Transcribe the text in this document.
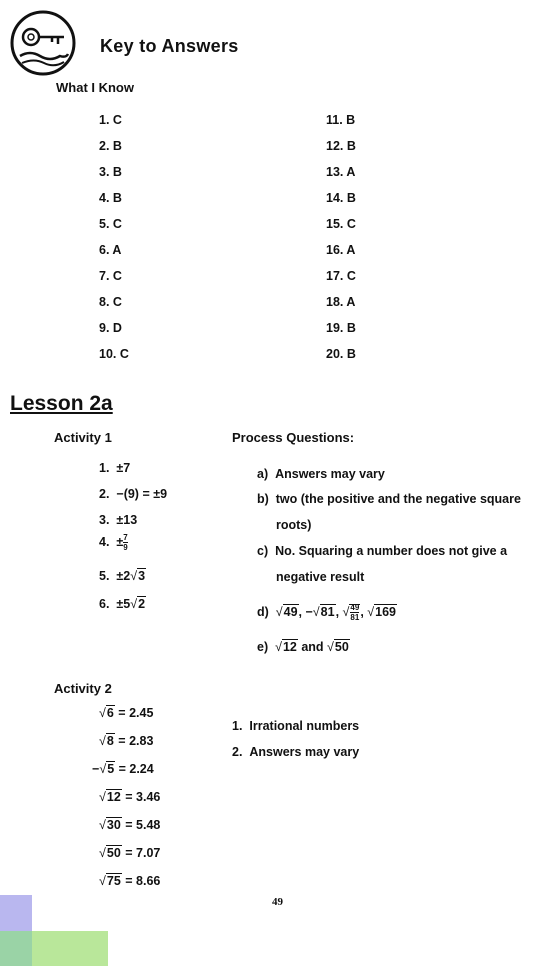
Key to Answers
What I Know
1. C
2. B
3. B
4. B
5. C
6. A
7. C
8. C
9. D
10. C
11. B
12. B
13. A
14. B
15. C
16. A
17. C
18. A
19. B
20. B
Lesson 2a
Activity 1
1. ±7
2. −(9) = ±9
3. ±13
4. ± $\frac{7}{9}$
5. ±2√3
6. ±5√2
Process Questions:
a) Answers may vary
b) two (the positive and the negative square
roots)
c) No. Squaring a number does not give a
negative result
d) √49, −√81, √ $\frac{49}{81}$ , √169
e) √12 and √50
Activity 2
√6 = 2.45
√8 = 2.83
−√5 = 2.24
√12 = 3.46
√30 = 5.48
√50 = 7.07
√75 = 8.66
1. Irrational numbers
2. Answers may vary
49
